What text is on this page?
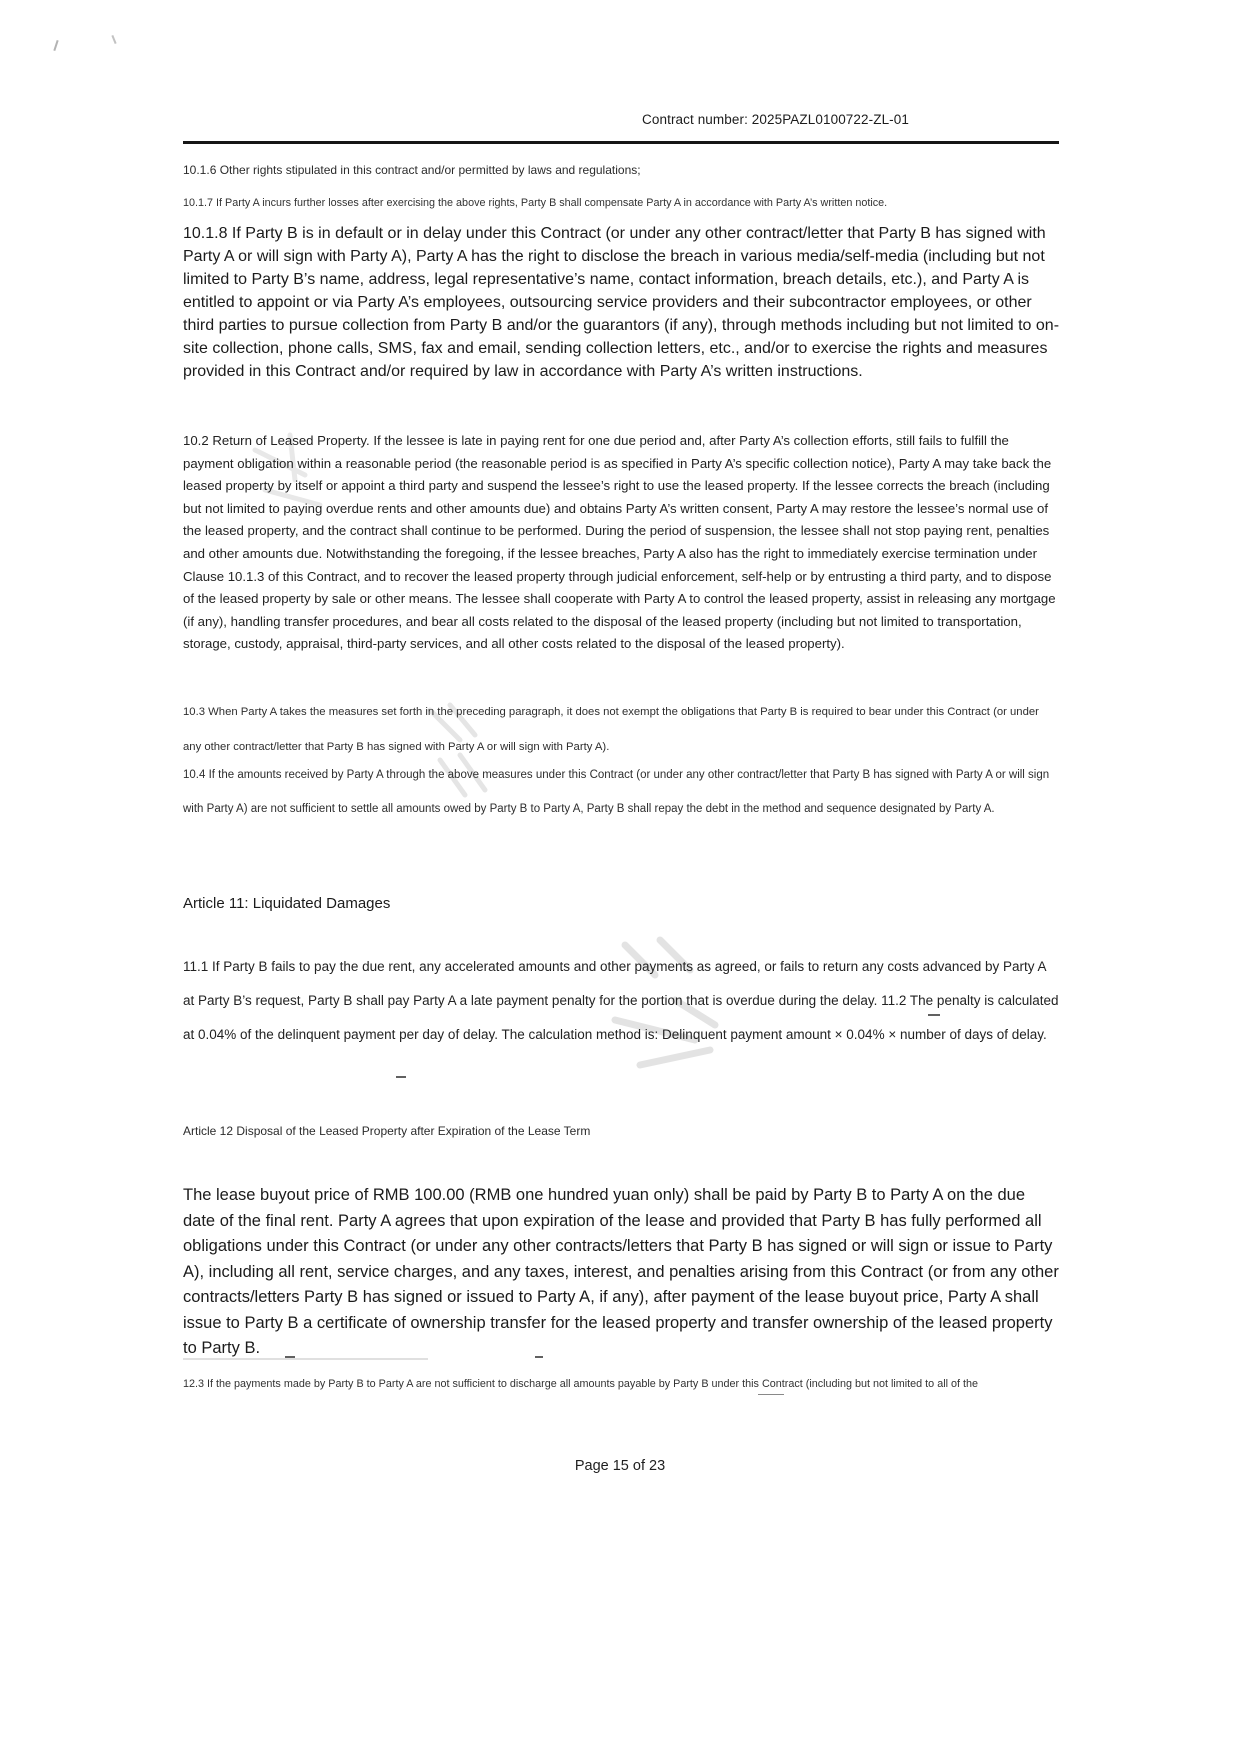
Contract number: 2025PAZL0100722-ZL-01

10.1.6 Other rights stipulated in this contract and/or permitted by laws and regulations;

10.1.7 If Party A incurs further losses after exercising the above rights, Party B shall compensate Party A in accordance with Party A’s written notice.

10.1.8 If Party B is in default or in delay under this Contract (or under any other contract/letter that Party B has signed with Party A or will sign with Party A), Party A has the right to disclose the breach in various media/self-media (including but not limited to Party B’s name, address, legal representative’s name, contact information, breach details, etc.), and Party A is entitled to appoint or via Party A’s employees, outsourcing service providers and their subcontractor employees, or other third parties to pursue collection from Party B and/or the guarantors (if any), through methods including but not limited to on-site collection, phone calls, SMS, fax and email, sending collection letters, etc., and/or to exercise the rights and measures provided in this Contract and/or required by law in accordance with Party A’s written instructions.

10.2 Return of Leased Property. If the lessee is late in paying rent for one due period and, after Party A’s collection efforts, still fails to fulfill the payment obligation within a reasonable period (the reasonable period is as specified in Party A’s specific collection notice), Party A may take back the leased property by itself or appoint a third party and suspend the lessee’s right to use the leased property. If the lessee corrects the breach (including but not limited to paying overdue rents and other amounts due) and obtains Party A’s written consent, Party A may restore the lessee’s normal use of the leased property, and the contract shall continue to be performed. During the period of suspension, the lessee shall not stop paying rent, penalties and other amounts due. Notwithstanding the foregoing, if the lessee breaches, Party A also has the right to immediately exercise termination under Clause 10.1.3 of this Contract, and to recover the leased property through judicial enforcement, self-help or by entrusting a third party, and to dispose of the leased property by sale or other means. The lessee shall cooperate with Party A to control the leased property, assist in releasing any mortgage (if any), handling transfer procedures, and bear all costs related to the disposal of the leased property (including but not limited to transportation, storage, custody, appraisal, third-party services, and all other costs related to the disposal of the leased property).

10.3 When Party A takes the measures set forth in the preceding paragraph, it does not exempt the obligations that Party B is required to bear under this Contract (or under any other contract/letter that Party B has signed with Party A or will sign with Party A).

10.4 If the amounts received by Party A through the above measures under this Contract (or under any other contract/letter that Party B has signed with Party A or will sign with Party A) are not sufficient to settle all amounts owed by Party B to Party A, Party B shall repay the debt in the method and sequence designated by Party A.

Article 11: Liquidated Damages

11.1 If Party B fails to pay the due rent, any accelerated amounts and other payments as agreed, or fails to return any costs advanced by Party A at Party B’s request, Party B shall pay Party A a late payment penalty for the portion that is overdue during the delay. 11.2 The penalty is calculated at 0.04% of the delinquent payment per day of delay. The calculation method is: Delinquent payment amount × 0.04% × number of days of delay.

Article 12 Disposal of the Leased Property after Expiration of the Lease Term

The lease buyout price of RMB 100.00 (RMB one hundred yuan only) shall be paid by Party B to Party A on the due date of the final rent. Party A agrees that upon expiration of the lease and provided that Party B has fully performed all obligations under this Contract (or under any other contracts/letters that Party B has signed or will sign or issue to Party A), including all rent, service charges, and any taxes, interest, and penalties arising from this Contract (or from any other contracts/letters Party B has signed or issued to Party A, if any), after payment of the lease buyout price, Party A shall issue to Party B a certificate of ownership transfer for the leased property and transfer ownership of the leased property to Party B.

12.3 If the payments made by Party B to Party A are not sufficient to discharge all amounts payable by Party B under this Contract (including but not limited to all of the

Page 15 of 23
